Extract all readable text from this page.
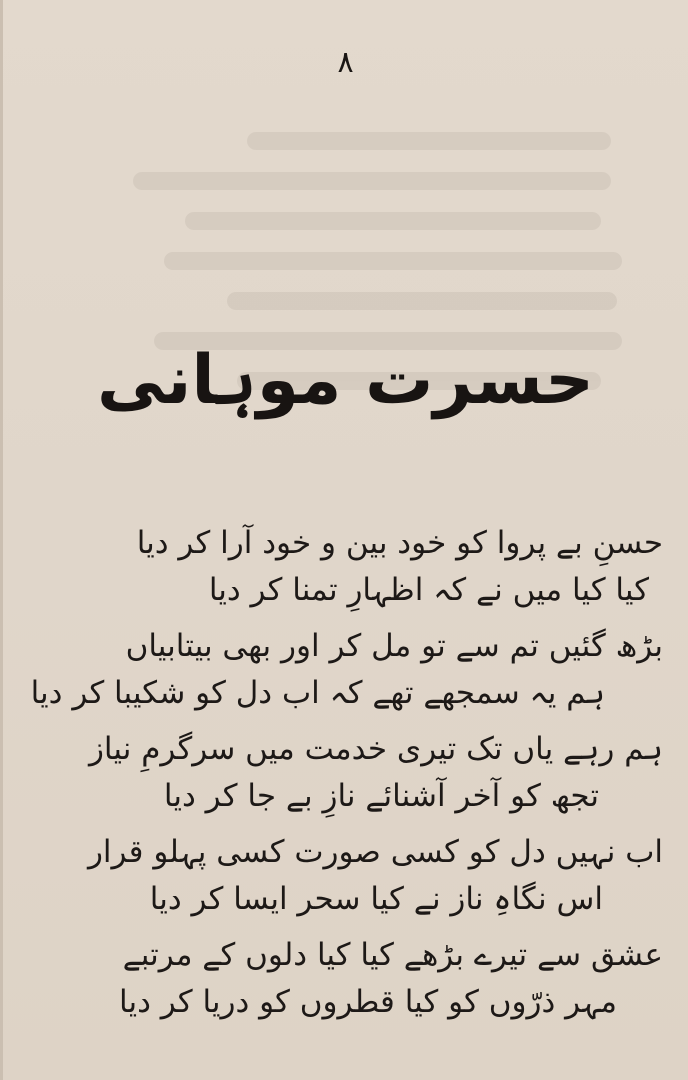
۸
حسرت موہانی
حسنِ بے پروا کو خود بین و خود آرا کر دیا
کیا کیا میں نے کہ اظہارِ تمنا کر دیا
بڑھ گئیں تم سے تو مل کر اور بھی بیتابیاں
ہم یہ سمجھے تھے کہ اب دل کو شکیبا کر دیا
ہم رہے یاں تک تیری خدمت میں سرگرمِ نیاز
تجھ کو آخر آشنائے نازِ بے جا کر دیا
اب نہیں دل کو کسی صورت کسی پہلو قرار
اس نگاہِ ناز نے کیا سحر ایسا کر دیا
عشق سے تیرے بڑھے کیا کیا دلوں کے مرتبے
مہر ذرّوں کو کیا قطروں کو دریا کر دیا
